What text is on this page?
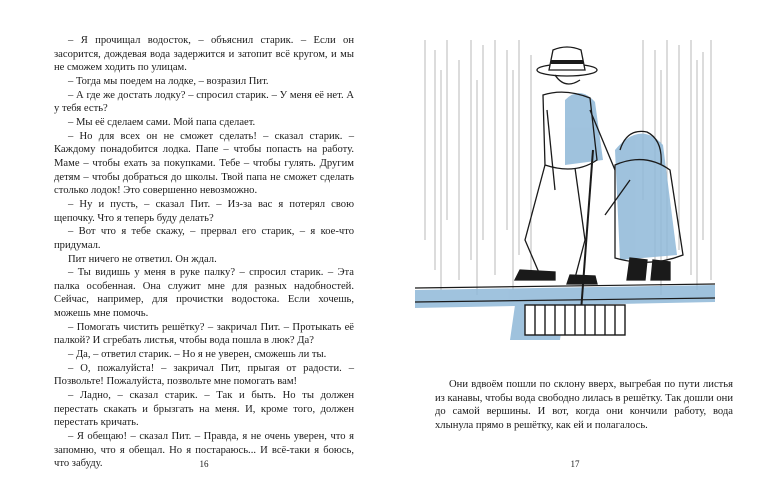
– Я прочищал водосток, – объяснил старик. – Если он засорится, дождевая вода задержится и затопит всё кругом, и мы не сможем ходить по улицам.

– Тогда мы поедем на лодке, – возразил Пит.

– А где же достать лодку? – спросил старик. – У меня её нет. А у тебя есть?

– Мы её сделаем сами. Мой папа сделает.

– Но для всех он не сможет сделать! – сказал старик. – Каждому понадобится лодка. Папе – чтобы попасть на работу. Маме – чтобы ехать за покупками. Тебе – чтобы гулять. Другим детям – чтобы добраться до школы. Твой папа не сможет сделать столько лодок! Это совершенно невозможно.

– Ну и пусть, – сказал Пит. – Из-за вас я потерял свою щепочку. Что я теперь буду делать?

– Вот что я тебе скажу, – прервал его старик, – я кое-что придумал.

Пит ничего не ответил. Он ждал.

– Ты видишь у меня в руке палку? – спросил старик. – Эта палка особенная. Она служит мне для разных надобностей. Сейчас, например, для прочистки водостока. Если хочешь, можешь мне помочь.

– Помогать чистить решётку? – закричал Пит. – Протыкать её палкой? И сгребать листья, чтобы вода пошла в люк? Да?

– Да, – ответил старик. – Но я не уверен, сможешь ли ты.

– О, пожалуйста! – закричал Пит, прыгая от радости. – Позвольте! Пожалуйста, позвольте мне помогать вам!

– Ладно, – сказал старик. – Так и быть. Но ты должен перестать скакать и брызгать на меня. И, кроме того, должен перестать кричать.

– Я обещаю! – сказал Пит. – Правда, я не очень уверен, что я запомню, что я обещал. Но я постараюсь... И всё-таки я боюсь, что забуду.	16

Они вдвоём пошли по склону вверх, выгребая по пути листья из канавы, чтобы вода свободно лилась в решётку. Так дошли они до самой вершины. И вот, когда они кончили работу, вода хлынула прямо в решётку, как ей и полагалось.

17
